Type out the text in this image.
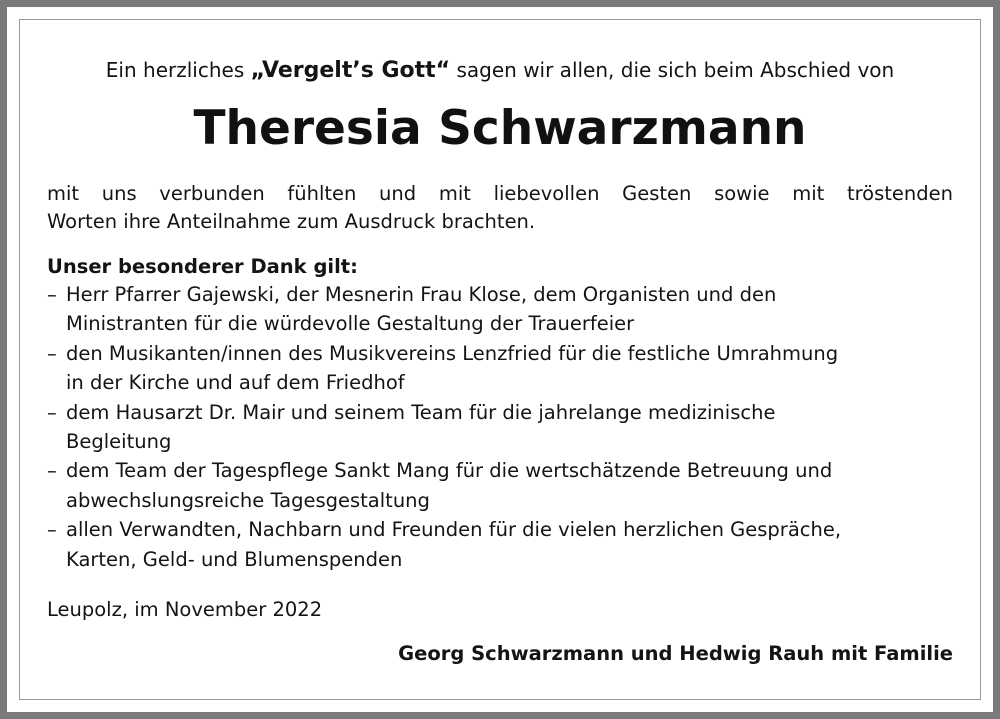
Ein herzliches „Vergelt’s Gott“ sagen wir allen, die sich beim Abschied von
Theresia Schwarzmann
mit uns verbunden fühlten und mit liebevollen Gesten sowie mit tröstenden
Worten ihre Anteilnahme zum Ausdruck brachten.
Unser besonderer Dank gilt:
– Herr Pfarrer Gajewski, der Mesnerin Frau Klose, dem Organisten und den
Ministranten für die würdevolle Gestaltung der Trauerfeier
– den Musikanten/innen des Musikvereins Lenzfried für die festliche Umrahmung
in der Kirche und auf dem Friedhof
– dem Hausarzt Dr. Mair und seinem Team für die jahrelange medizinische
Begleitung
– dem Team der Tagespflege Sankt Mang für die wertschätzende Betreuung und
abwechslungsreiche Tagesgestaltung
– allen Verwandten, Nachbarn und Freunden für die vielen herzlichen Gespräche,
Karten, Geld- und Blumenspenden
Leupolz, im November 2022
Georg Schwarzmann und Hedwig Rauh mit Familie
